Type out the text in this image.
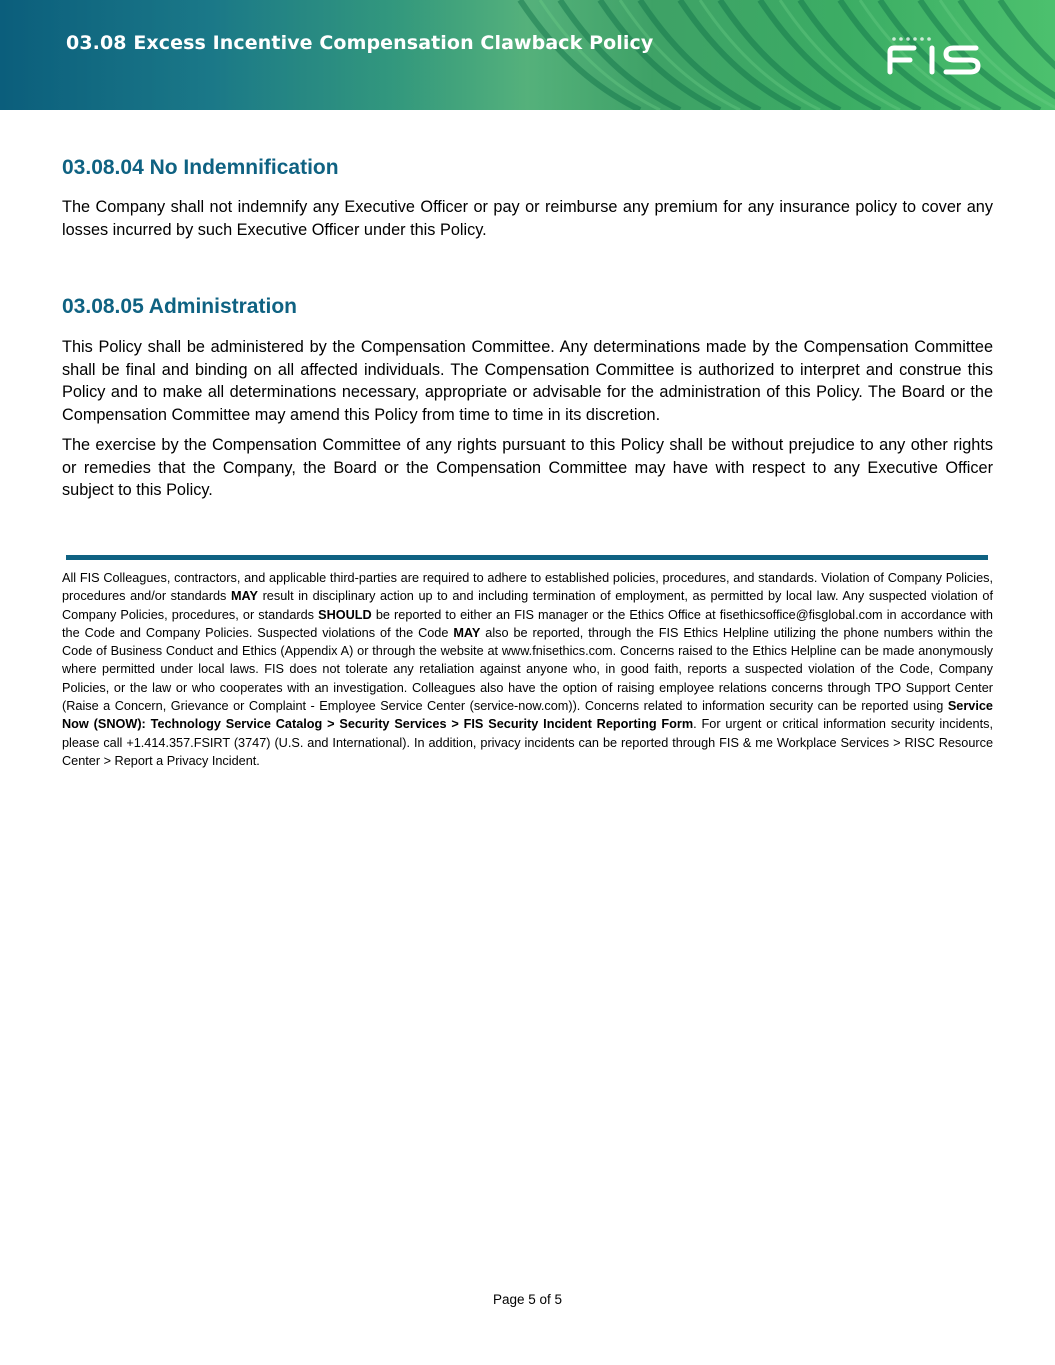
03.08 Excess Incentive Compensation Clawback Policy
03.08.04 No Indemnification

The Company shall not indemnify any Executive Officer or pay or reimburse any premium for any insurance policy to cover any losses incurred by such Executive Officer under this Policy.

03.08.05 Administration

This Policy shall be administered by the Compensation Committee. Any determinations made by the Compensation Committee shall be final and binding on all affected individuals. The Compensation Committee is authorized to interpret and construe this Policy and to make all determinations necessary, appropriate or advisable for the administration of this Policy. The Board or the Compensation Committee may amend this Policy from time to time in its discretion.

The exercise by the Compensation Committee of any rights pursuant to this Policy shall be without prejudice to any other rights or remedies that the Company, the Board or the Compensation Committee may have with respect to any Executive Officer subject to this Policy.

All FIS Colleagues, contractors, and applicable third-parties are required to adhere to established policies, procedures, and standards. Violation of Company Policies, procedures and/or standards MAY result in disciplinary action up to and including termination of employment, as permitted by local law. Any suspected violation of Company Policies, procedures, or standards SHOULD be reported to either an FIS manager or the Ethics Office at fisethicsoffice@fisglobal.com in accordance with the Code and Company Policies. Suspected violations of the Code MAY also be reported, through the FIS Ethics Helpline utilizing the phone numbers within the Code of Business Conduct and Ethics (Appendix A) or through the website at www.fnisethics.com. Concerns raised to the Ethics Helpline can be made anonymously where permitted under local laws. FIS does not tolerate any retaliation against anyone who, in good faith, reports a suspected violation of the Code, Company Policies, or the law or who cooperates with an investigation. Colleagues also have the option of raising employee relations concerns through TPO Support Center (Raise a Concern, Grievance or Complaint - Employee Service Center (service-now.com)). Concerns related to information security can be reported using Service Now (SNOW): Technology Service Catalog > Security Services > FIS Security Incident Reporting Form. For urgent or critical information security incidents, please call +1.414.357.FSIRT (3747) (U.S. and International). In addition, privacy incidents can be reported through FIS & me Workplace Services > RISC Resource Center > Report a Privacy Incident.

Page 5 of 5
